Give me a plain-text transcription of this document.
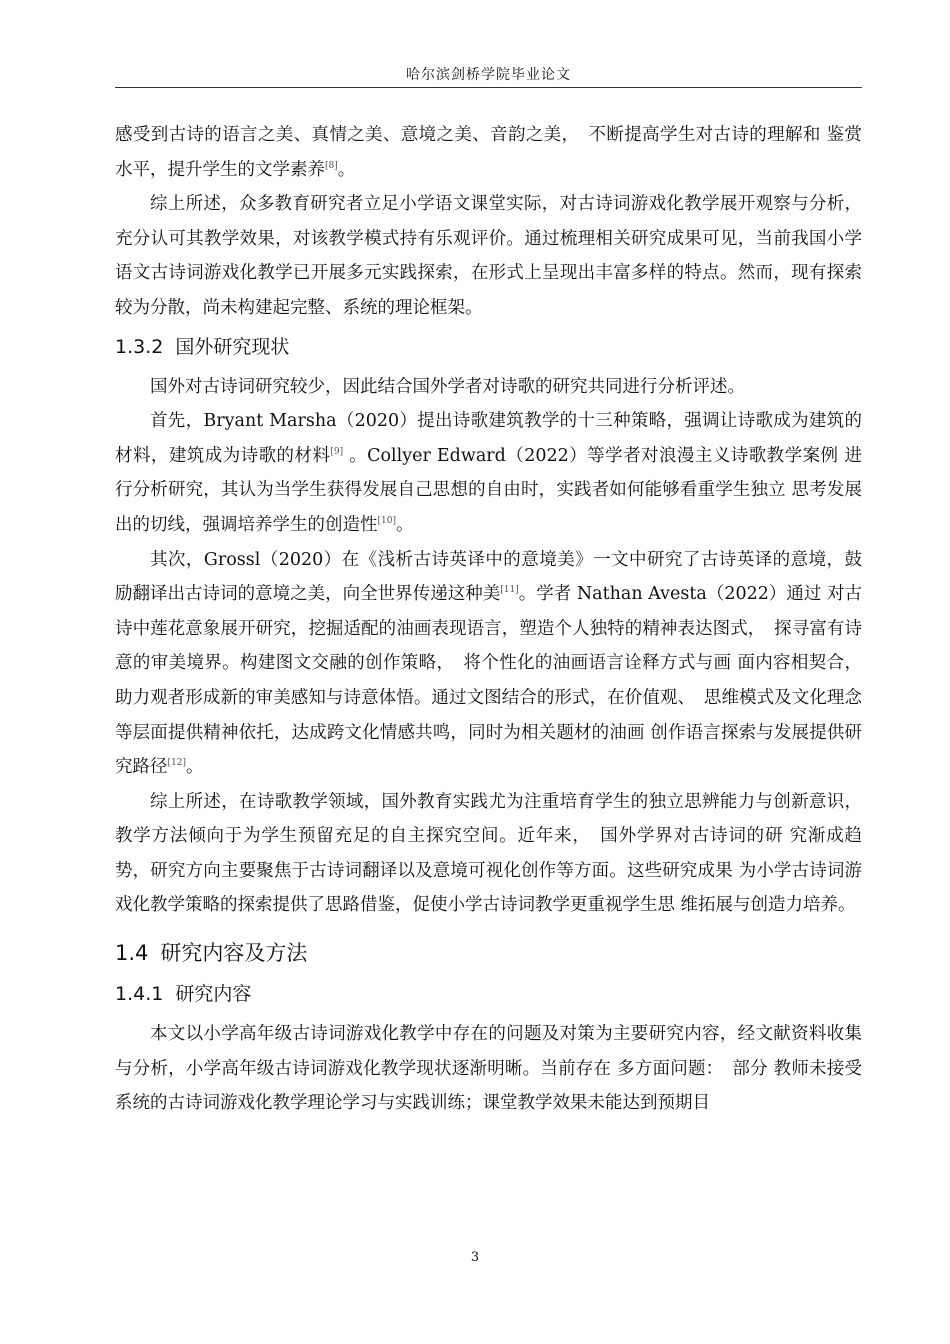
哈尔滨剑桥学院毕业论文

感受到古诗的语言之美、真情之美、意境之美、音韵之美，　不断提高学生对古诗的理解和 鉴赏水平，提升学生的文学素养[8]。

综上所述，众多教育研究者立足小学语文课堂实际，对古诗词游戏化教学展开观察与分析，充分认可其教学效果，对该教学模式持有乐观评价。通过梳理相关研究成果可见，当前我国小学语文古诗词游戏化教学已开展多元实践探索，在形式上呈现出丰富多样的特点。然而，现有探索较为分散，尚未构建起完整、系统的理论框架。

1.3.2 国外研究现状

国外对古诗词研究较少，因此结合国外学者对诗歌的研究共同进行分析评述。

首先，Bryant Marsha（2020）提出诗歌建筑教学的十三种策略，强调让诗歌成为建筑的材料，建筑成为诗歌的材料[9] 。Collyer Edward（2022）等学者对浪漫主义诗歌教学案例 进行分析研究，其认为当学生获得发展自己思想的自由时，实践者如何能够看重学生独立 思考发展出的切线，强调培养学生的创造性[10]。

其次，Grossl（2020）在《浅析古诗英译中的意境美》一文中研究了古诗英译的意境，鼓励翻译出古诗词的意境之美，向全世界传递这种美[11]。学者 Nathan Avesta（2022）通过 对古诗中莲花意象展开研究，挖掘适配的油画表现语言，塑造个人独特的精神表达图式，　探寻富有诗意的审美境界。构建图文交融的创作策略，　将个性化的油画语言诠释方式与画 面内容相契合，助力观者形成新的审美感知与诗意体悟。通过文图结合的形式，在价值观、　思维模式及文化理念等层面提供精神依托，达成跨文化情感共鸣，同时为相关题材的油画 创作语言探索与发展提供研究路径[12]。

综上所述，在诗歌教学领域，国外教育实践尤为注重培育学生的独立思辨能力与创新意识，教学方法倾向于为学生预留充足的自主探究空间。近年来，　国外学界对古诗词的研 究渐成趋势，研究方向主要聚焦于古诗词翻译以及意境可视化创作等方面。这些研究成果 为小学古诗词游戏化教学策略的探索提供了思路借鉴，促使小学古诗词教学更重视学生思 维拓展与创造力培养。

1.4 研究内容及方法
1.4.1 研究内容

本文以小学高年级古诗词游戏化教学中存在的问题及对策为主要研究内容，经文献资料收集与分析，小学高年级古诗词游戏化教学现状逐渐明晰。当前存在 多方面问题：　部分 教师未接受系统的古诗词游戏化教学理论学习与实践训练；课堂教学效果未能达到预期目

3
